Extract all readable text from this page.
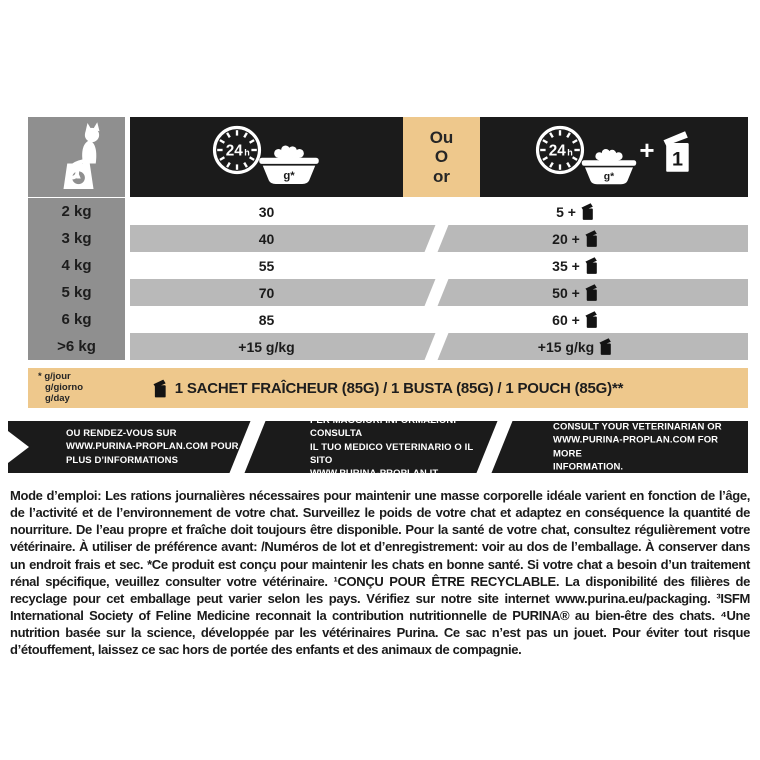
24 h
g*
Ou
O
or
24 h
g*
+ 1
2 kg	30	5 +
3 kg	40	20 +
4 kg	55	35 +
5 kg	70	50 +
6 kg	85	60 +
>6 kg	+15 g/kg	+15 g/kg
* g/jour
g/giorno
g/day
1 SACHET FRAÎCHEUR (85G) / 1 BUSTA (85G) / 1 POUCH (85G)**
OU RENDEZ-VOUS SUR
WWW.PURINA-PROPLAN.COM POUR
PLUS D’INFORMATIONS
PER MAGGIORI INFORMAZIONI CONSULTA
IL TUO MEDICO VETERINARIO O IL SITO
WWW.PURINA-PROPLAN.IT.
CONSULT YOUR VETERINARIAN OR
WWW.PURINA-PROPLAN.COM FOR MORE
INFORMATION.

Mode d’emploi: Les rations journalières nécessaires pour maintenir une masse corporelle idéale varient en fonction de l’âge, de l’activité et de l’environnement de votre chat. Surveillez le poids de votre chat et adaptez en conséquence la quantité de nourriture. De l’eau propre et fraîche doit toujours être disponible. Pour la santé de votre chat, consultez régulièrement votre vétérinaire. À utiliser de préférence avant: /Numéros de lot et d’enregistrement: voir au dos de l’emballage. À conserver dans un endroit frais et sec. *Ce produit est conçu pour maintenir les chats en bonne santé. Si votre chat a besoin d’un traitement rénal spécifique, veuillez consulter votre vétérinaire. ¹CONÇU POUR ÊTRE RECYCLABLE. La disponibilité des filières de recyclage pour cet emballage peut varier selon les pays. Vérifiez sur notre site internet www.purina.eu/packaging. ³ISFM International Society of Feline Medicine reconnait la contribution nutritionnelle de PURINA® au bien-être des chats. ⁴Une nutrition basée sur la science, développée par les vétérinaires Purina. Ce sac n’est pas un jouet. Pour éviter tout risque d’étouffement, laissez ce sac hors de portée des enfants et des animaux de compagnie.
